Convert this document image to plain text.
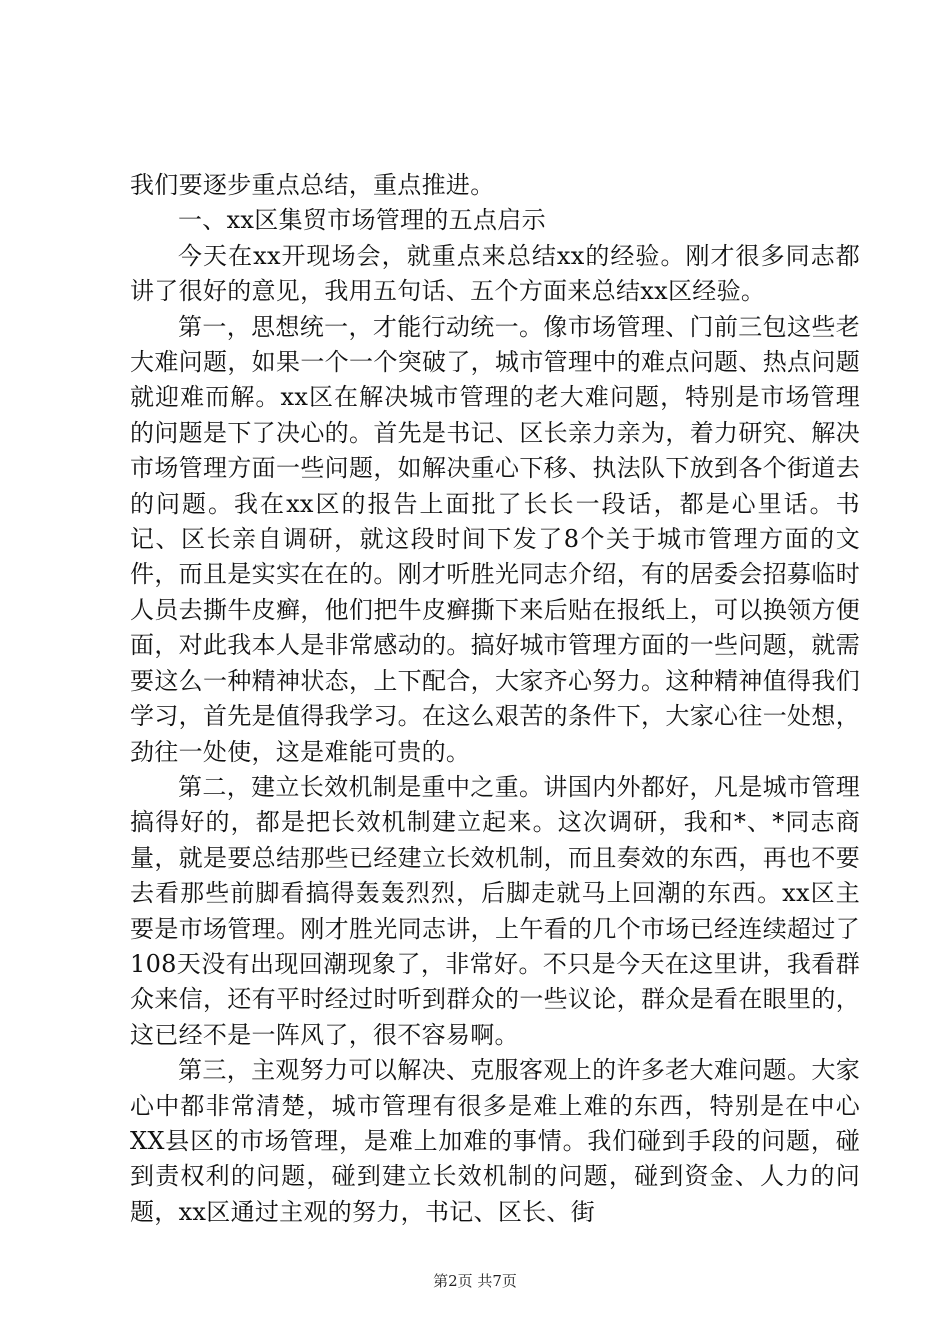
我们要逐步重点总结，重点推进。

一、xx区集贸市场管理的五点启示

今天在xx开现场会，就重点来总结xx的经验。刚才很多同志都讲了很好的意见，我用五句话、五个方面来总结xx区经验。

第一，思想统一，才能行动统一。像市场管理、门前三包这些老大难问题，如果一个一个突破了，城市管理中的难点问题、热点问题就迎难而解。xx区在解决城市管理的老大难问题，特别是市场管理的问题是下了决心的。首先是书记、区长亲力亲为，着力研究、解决市场管理方面一些问题，如解决重心下移、执法队下放到各个街道去的问题。我在xx区的报告上面批了长长一段话，都是心里话。书记、区长亲自调研，就这段时间下发了8个关于城市管理方面的文件，而且是实实在在的。刚才听胜光同志介绍，有的居委会招募临时人员去撕牛皮癣，他们把牛皮癣撕下来后贴在报纸上，可以换领方便面，对此我本人是非常感动的。搞好城市管理方面的一些问题，就需要这么一种精神状态，上下配合，大家齐心努力。这种精神值得我们学习，首先是值得我学习。在这么艰苦的条件下，大家心往一处想，劲往一处使，这是难能可贵的。

第二，建立长效机制是重中之重。讲国内外都好，凡是城市管理搞得好的，都是把长效机制建立起来。这次调研，我和*、*同志商量，就是要总结那些已经建立长效机制，而且奏效的东西，再也不要去看那些前脚看搞得轰轰烈烈，后脚走就马上回潮的东西。xx区主要是市场管理。刚才胜光同志讲，上午看的几个市场已经连续超过了108天没有出现回潮现象了，非常好。不只是今天在这里讲，我看群众来信，还有平时经过时听到群众的一些议论，群众是看在眼里的，这已经不是一阵风了，很不容易啊。

第三，主观努力可以解决、克服客观上的许多老大难问题。大家心中都非常清楚，城市管理有很多是难上难的东西，特别是在中心XX县区的市场管理，是难上加难的事情。我们碰到手段的问题，碰到责权利的问题，碰到建立长效机制的问题，碰到资金、人力的问题，xx区通过主观的努力，书记、区长、街

第2页 共7页
